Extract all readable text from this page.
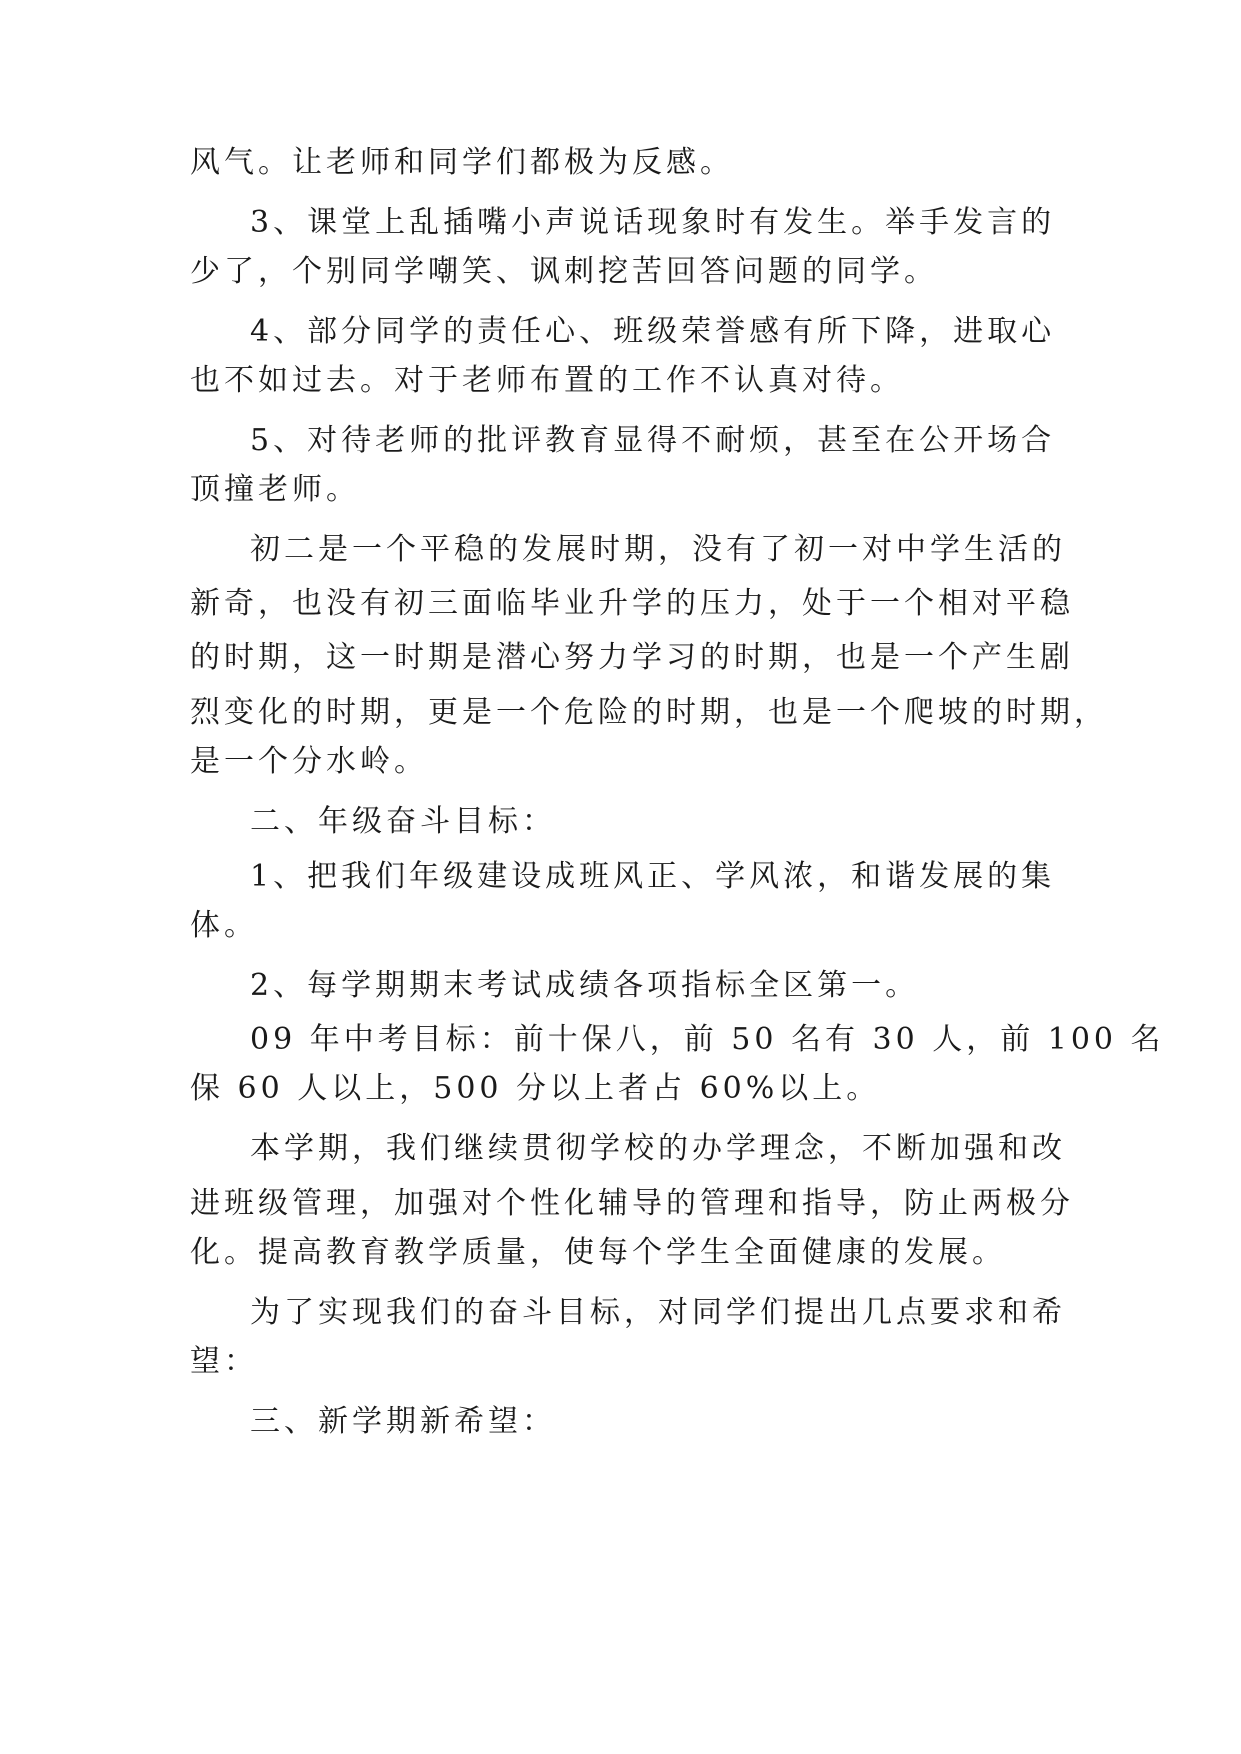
风气。让老师和同学们都极为反感。
3、课堂上乱插嘴小声说话现象时有发生。举手发言的
少了，个别同学嘲笑、讽刺挖苦回答问题的同学。
4、部分同学的责任心、班级荣誉感有所下降，进取心
也不如过去。对于老师布置的工作不认真对待。
5、对待老师的批评教育显得不耐烦，甚至在公开场合
顶撞老师。
初二是一个平稳的发展时期，没有了初一对中学生活的
新奇，也没有初三面临毕业升学的压力，处于一个相对平稳
的时期，这一时期是潜心努力学习的时期，也是一个产生剧
烈变化的时期，更是一个危险的时期，也是一个爬坡的时期，
是一个分水岭。
二、年级奋斗目标：
1、把我们年级建设成班风正、学风浓，和谐发展的集
体。
2、每学期期末考试成绩各项指标全区第一。
09 年中考目标：前十保八，前 50 名有 30 人，前 100 名
保 60 人以上，500 分以上者占 60%以上。
本学期，我们继续贯彻学校的办学理念，不断加强和改
进班级管理，加强对个性化辅导的管理和指导，防止两极分
化。提高教育教学质量，使每个学生全面健康的发展。
为了实现我们的奋斗目标，对同学们提出几点要求和希
望：
三、新学期新希望：
